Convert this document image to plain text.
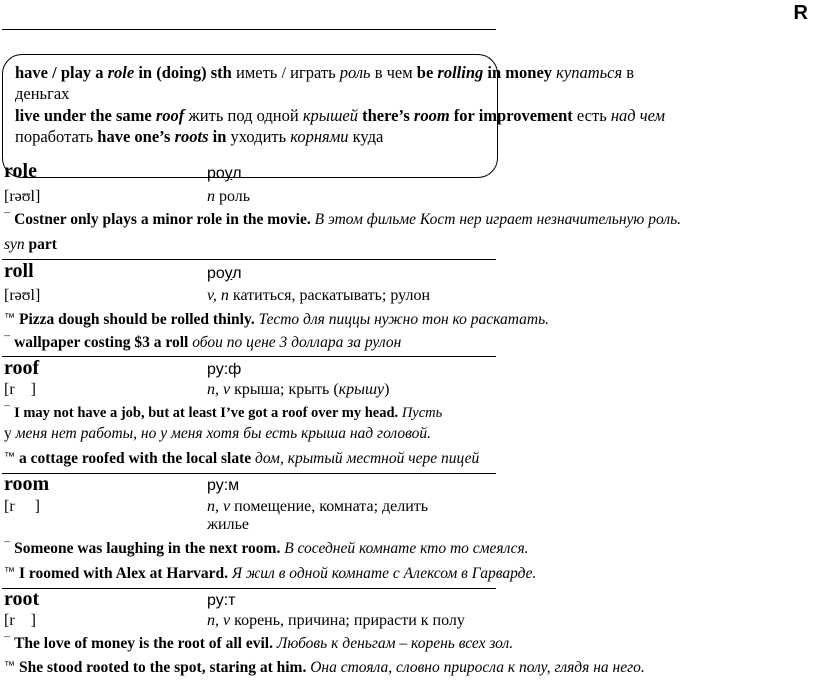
R
have / play a role in (doing) sth иметь / играть роль в чем be rolling in money купаться в
деньгах
live under the same roof жить под одной крышей there’s room for improvement есть над чем
поработать have one’s roots in уходить корнями куда
role	роул
[rəʊl]	n роль
¯ Costner only plays a minor role in the movie. В этом фильме Кост нер играет незначительную роль.
syn part
roll	роул
[rəʊl]	v, n катиться, раскатывать; рулон
™ Pizza dough should be rolled thinly. Тесто для пиццы нужно тон ко раскатать.
¯ wallpaper costing $3 a roll обои по цене 3 доллара за рулон
roof	ру:ф
[r    ]	n, v крыша; крыть (крышу)
¯ I may not have a job, but at least I’ve got a roof over my head. Пусть
у меня нет работы, но у меня хотя бы есть крыша над головой.
™ a cottage roofed with the local slate дом, крытый местной чере пицей
room	ру:м
[r     ]	n, v помещение, комната; делить
жилье
¯ Someone was laughing in the next room. В соседней комнате кто то смеялся.
™ I roomed with Alex at Harvard. Я жил в одной комнате с Алексом в Гарварде.
root	ру:т
[r    ]	n, v корень, причина; прирасти к полу
¯ The love of money is the root of all evil. Любовь к деньгам – корень всех зол.
™ She stood rooted to the spot, staring at him. Она стояла, словно приросла к полу, глядя на него.
